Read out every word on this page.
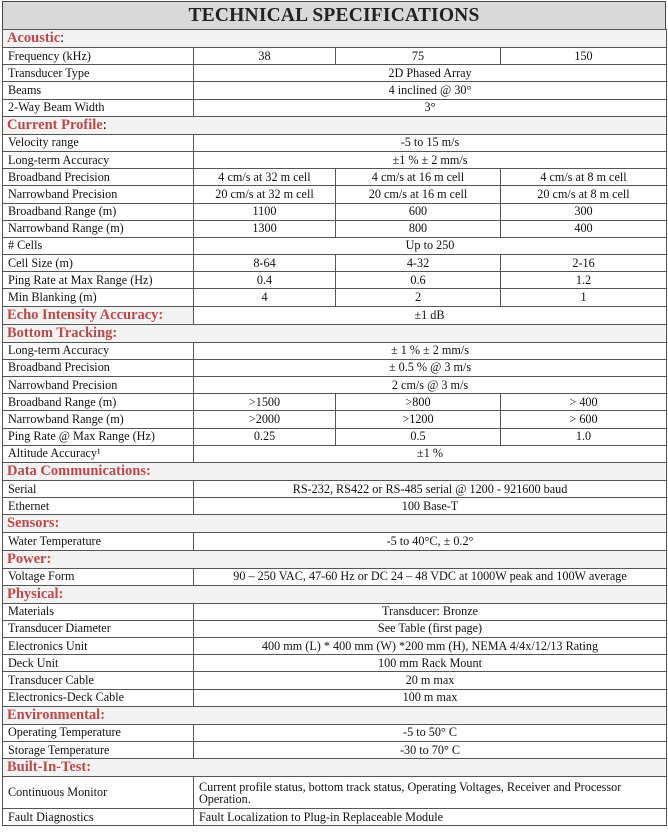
TECHNICAL SPECIFICATIONS
Acoustic:			
Frequency (kHz)	38	75	150
Transducer Type	2D Phased Array		
Beams	4 inclined @ 30°		
2-Way Beam Width	3°		
Current Profile:			
Velocity range	-5 to 15 m/s		
Long-term Accuracy	±1 % ± 2 mm/s		
Broadband Precision	4 cm/s at 32 m cell	4 cm/s at 16 m cell	4 cm/s at 8 m cell
Narrowband Precision	20 cm/s at 32 m cell	20 cm/s at 16 m cell	20 cm/s at 8 m cell
Broadband Range (m)	1100	600	300
Narrowband Range (m)	1300	800	400
# Cells	Up to 250		
Cell Size (m)	8-64	4-32	2-16
Ping Rate at Max Range (Hz)	0.4	0.6	1.2
Min Blanking (m)	4	2	1
Echo Intensity Accuracy:	±1 dB		
Bottom Tracking:			
Long-term Accuracy	± 1 % ± 2 mm/s		
Broadband Precision	± 0.5 % @ 3 m/s		
Narrowband Precision	2 cm/s @ 3 m/s		
Broadband Range (m)	>1500	>800	> 400
Narrowband Range (m)	>2000	>1200	> 600
Ping Rate @ Max Range (Hz)	0.25	0.5	1.0
Altitude Accuracy¹	±1 %		
Data Communications:			
Serial	RS-232, RS422 or RS-485 serial @ 1200 - 921600 baud		
Ethernet	100 Base-T		
Sensors:			
Water Temperature	-5 to 40°C, ± 0.2°		
Power:			
Voltage Form	90 – 250 VAC, 47-60 Hz or DC 24 – 48 VDC at 1000W peak and 100W average		
Physical:			
Materials	Transducer: Bronze		
Transducer Diameter	See Table (first page)		
Electronics Unit	400 mm (L) * 400 mm (W) *200 mm (H), NEMA 4/4x/12/13 Rating		
Deck Unit	100 mm Rack Mount		
Transducer Cable	20 m max		
Electronics-Deck Cable	100 m max		
Environmental:			
Operating Temperature	-5 to 50° C		
Storage Temperature	-30 to 70° C		
Built-In-Test:			
Continuous Monitor	Current profile status, bottom track status, Operating Voltages, Receiver and Processor Operation.		
Fault Diagnostics	Fault Localization to Plug-in Replaceable Module		
